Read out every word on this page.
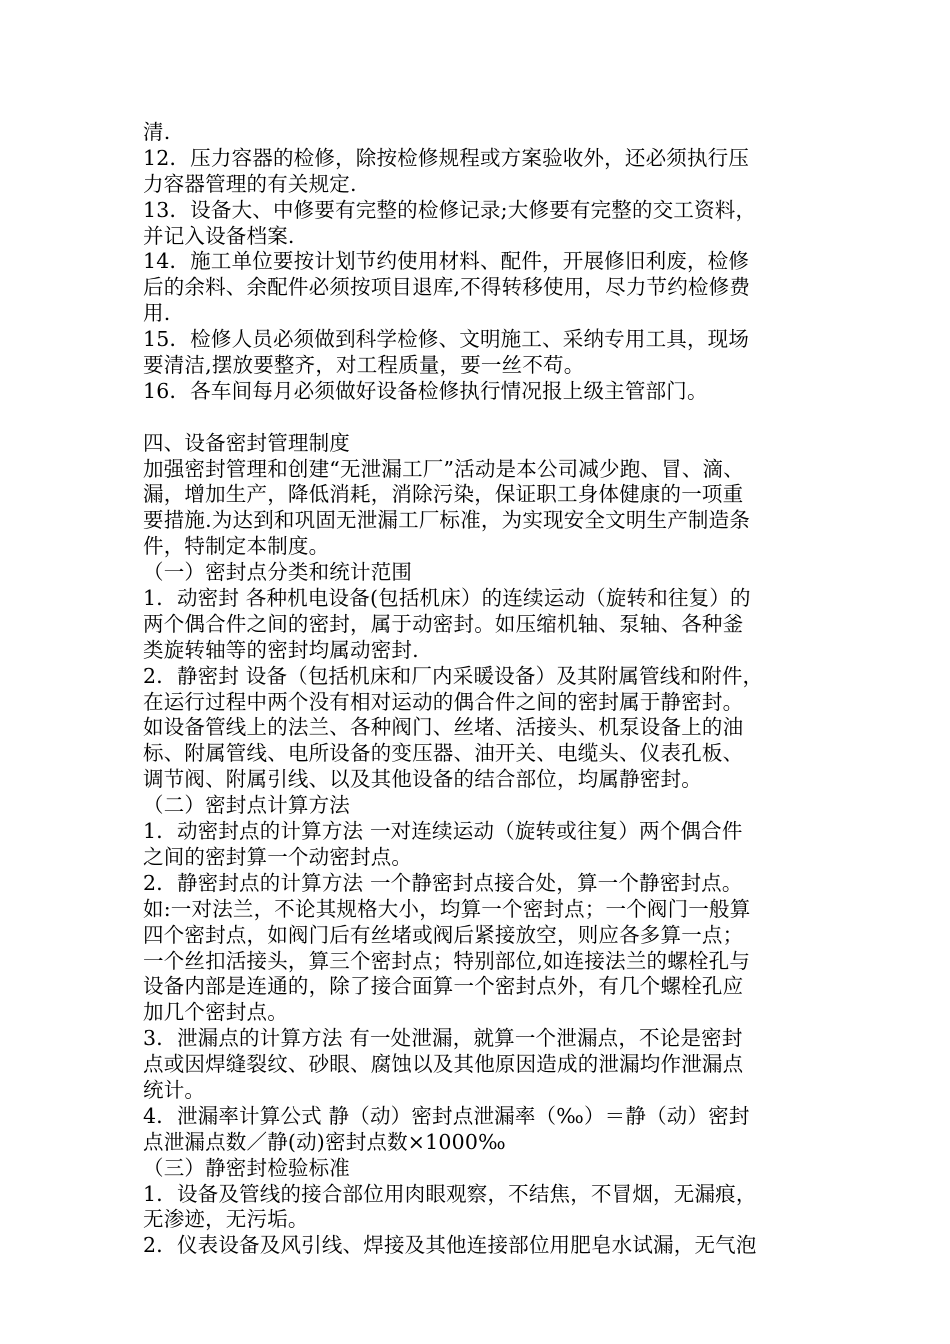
清.
12．压力容器的检修，除按检修规程或方案验收外，还必须执行压
力容器管理的有关规定.
13．设备大、中修要有完整的检修记录;大修要有完整的交工资料，
并记入设备档案.
14．施工单位要按计划节约使用材料、配件，开展修旧利废，检修
后的余料、余配件必须按项目退库,不得转移使用，尽力节约检修费
用.
15．检修人员必须做到科学检修、文明施工、采纳专用工具，现场
要清洁,摆放要整齐，对工程质量，要一丝不苟。
16．各车间每月必须做好设备检修执行情况报上级主管部门。
四、设备密封管理制度
加强密封管理和创建“无泄漏工厂”活动是本公司减少跑、冒、滴、
漏，增加生产，降低消耗，消除污染，保证职工身体健康的一项重
要措施.为达到和巩固无泄漏工厂标准，为实现安全文明生产制造条
件，特制定本制度。
（一）密封点分类和统计范围
1．动密封 各种机电设备(包括机床）的连续运动（旋转和往复）的
两个偶合件之间的密封，属于动密封。如压缩机轴、泵轴、各种釜
类旋转轴等的密封均属动密封.
2．静密封 设备（包括机床和厂内采暖设备）及其附属管线和附件，
在运行过程中两个没有相对运动的偶合件之间的密封属于静密封。
如设备管线上的法兰、各种阀门、丝堵、活接头、机泵设备上的油
标、附属管线、电所设备的变压器、油开关、电缆头、仪表孔板、
调节阀、附属引线、以及其他设备的结合部位，均属静密封。
（二）密封点计算方法
1．动密封点的计算方法 一对连续运动（旋转或往复）两个偶合件
之间的密封算一个动密封点。
2．静密封点的计算方法 一个静密封点接合处，算一个静密封点。
如:一对法兰，不论其规格大小，均算一个密封点；一个阀门一般算
四个密封点，如阀门后有丝堵或阀后紧接放空，则应各多算一点；
一个丝扣活接头，算三个密封点；特别部位,如连接法兰的螺栓孔与
设备内部是连通的，除了接合面算一个密封点外，有几个螺栓孔应
加几个密封点。
3．泄漏点的计算方法 有一处泄漏，就算一个泄漏点，不论是密封
点或因焊缝裂纹、砂眼、腐蚀以及其他原因造成的泄漏均作泄漏点
统计。
4．泄漏率计算公式 静（动）密封点泄漏率（‰）＝静（动）密封
点泄漏点数／静(动)密封点数×1000‰
（三）静密封检验标准
1．设备及管线的接合部位用肉眼观察，不结焦，不冒烟，无漏痕，
无渗迹，无污垢。
2．仪表设备及风引线、焊接及其他连接部位用肥皂水试漏，无气泡
